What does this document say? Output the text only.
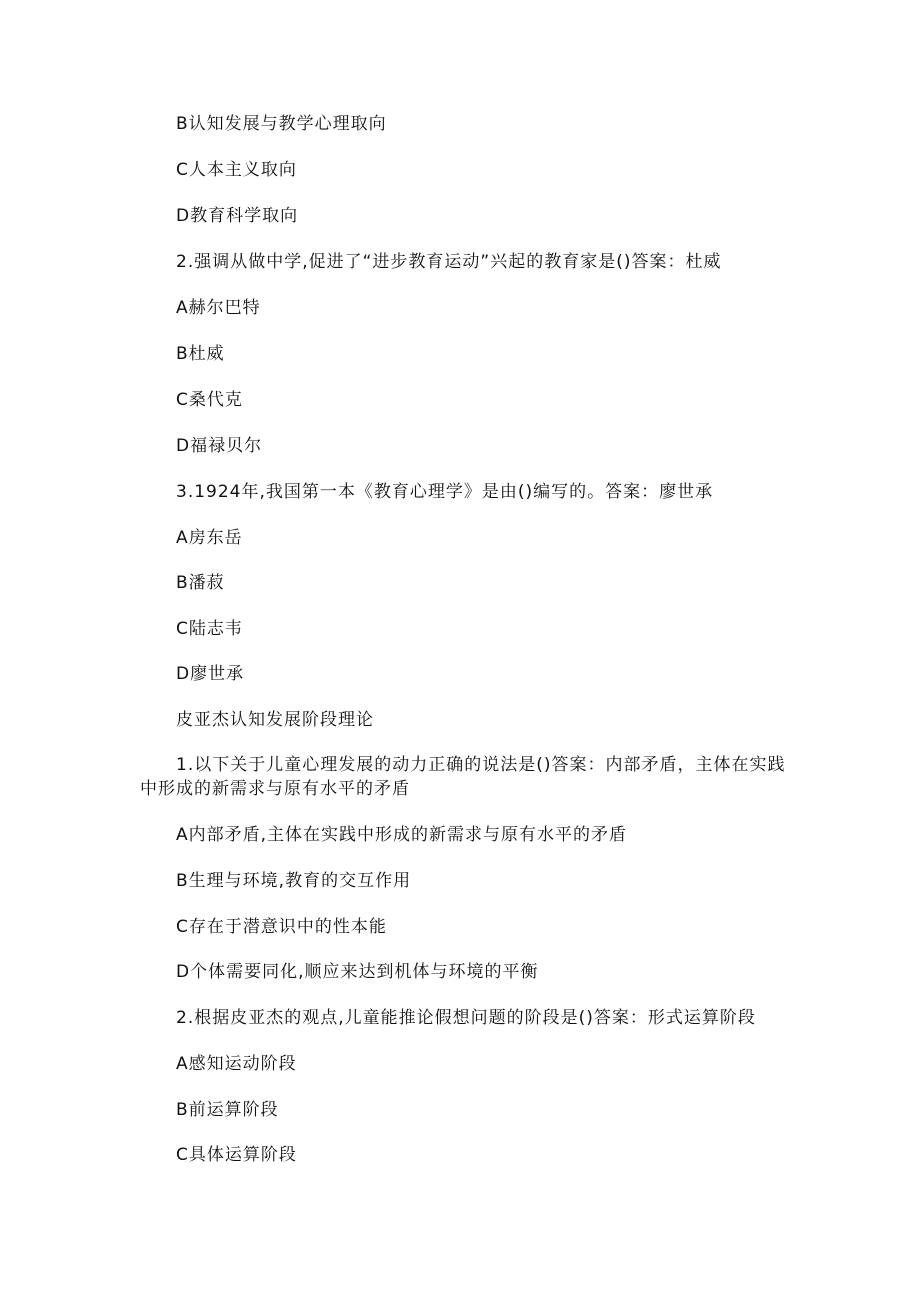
B认知发展与教学心理取向
C人本主义取向
D教育科学取向
2.强调从做中学,促进了“进步教育运动”兴起的教育家是()答案：杜威
A赫尔巴特
B杜威
C桑代克
D福禄贝尔
3.1924年,我国第一本《教育心理学》是由()编写的。答案：廖世承
A房东岳
B潘菽
C陆志韦
D廖世承
皮亚杰认知发展阶段理论
1.以下关于儿童心理发展的动力正确的说法是()答案：内部矛盾，主体在实践中形成的新需求与原有水平的矛盾
A内部矛盾,主体在实践中形成的新需求与原有水平的矛盾
B生理与环境,教育的交互作用
C存在于潜意识中的性本能
D个体需要同化,顺应来达到机体与环境的平衡
2.根据皮亚杰的观点,儿童能推论假想问题的阶段是()答案：形式运算阶段
A感知运动阶段
B前运算阶段
C具体运算阶段
